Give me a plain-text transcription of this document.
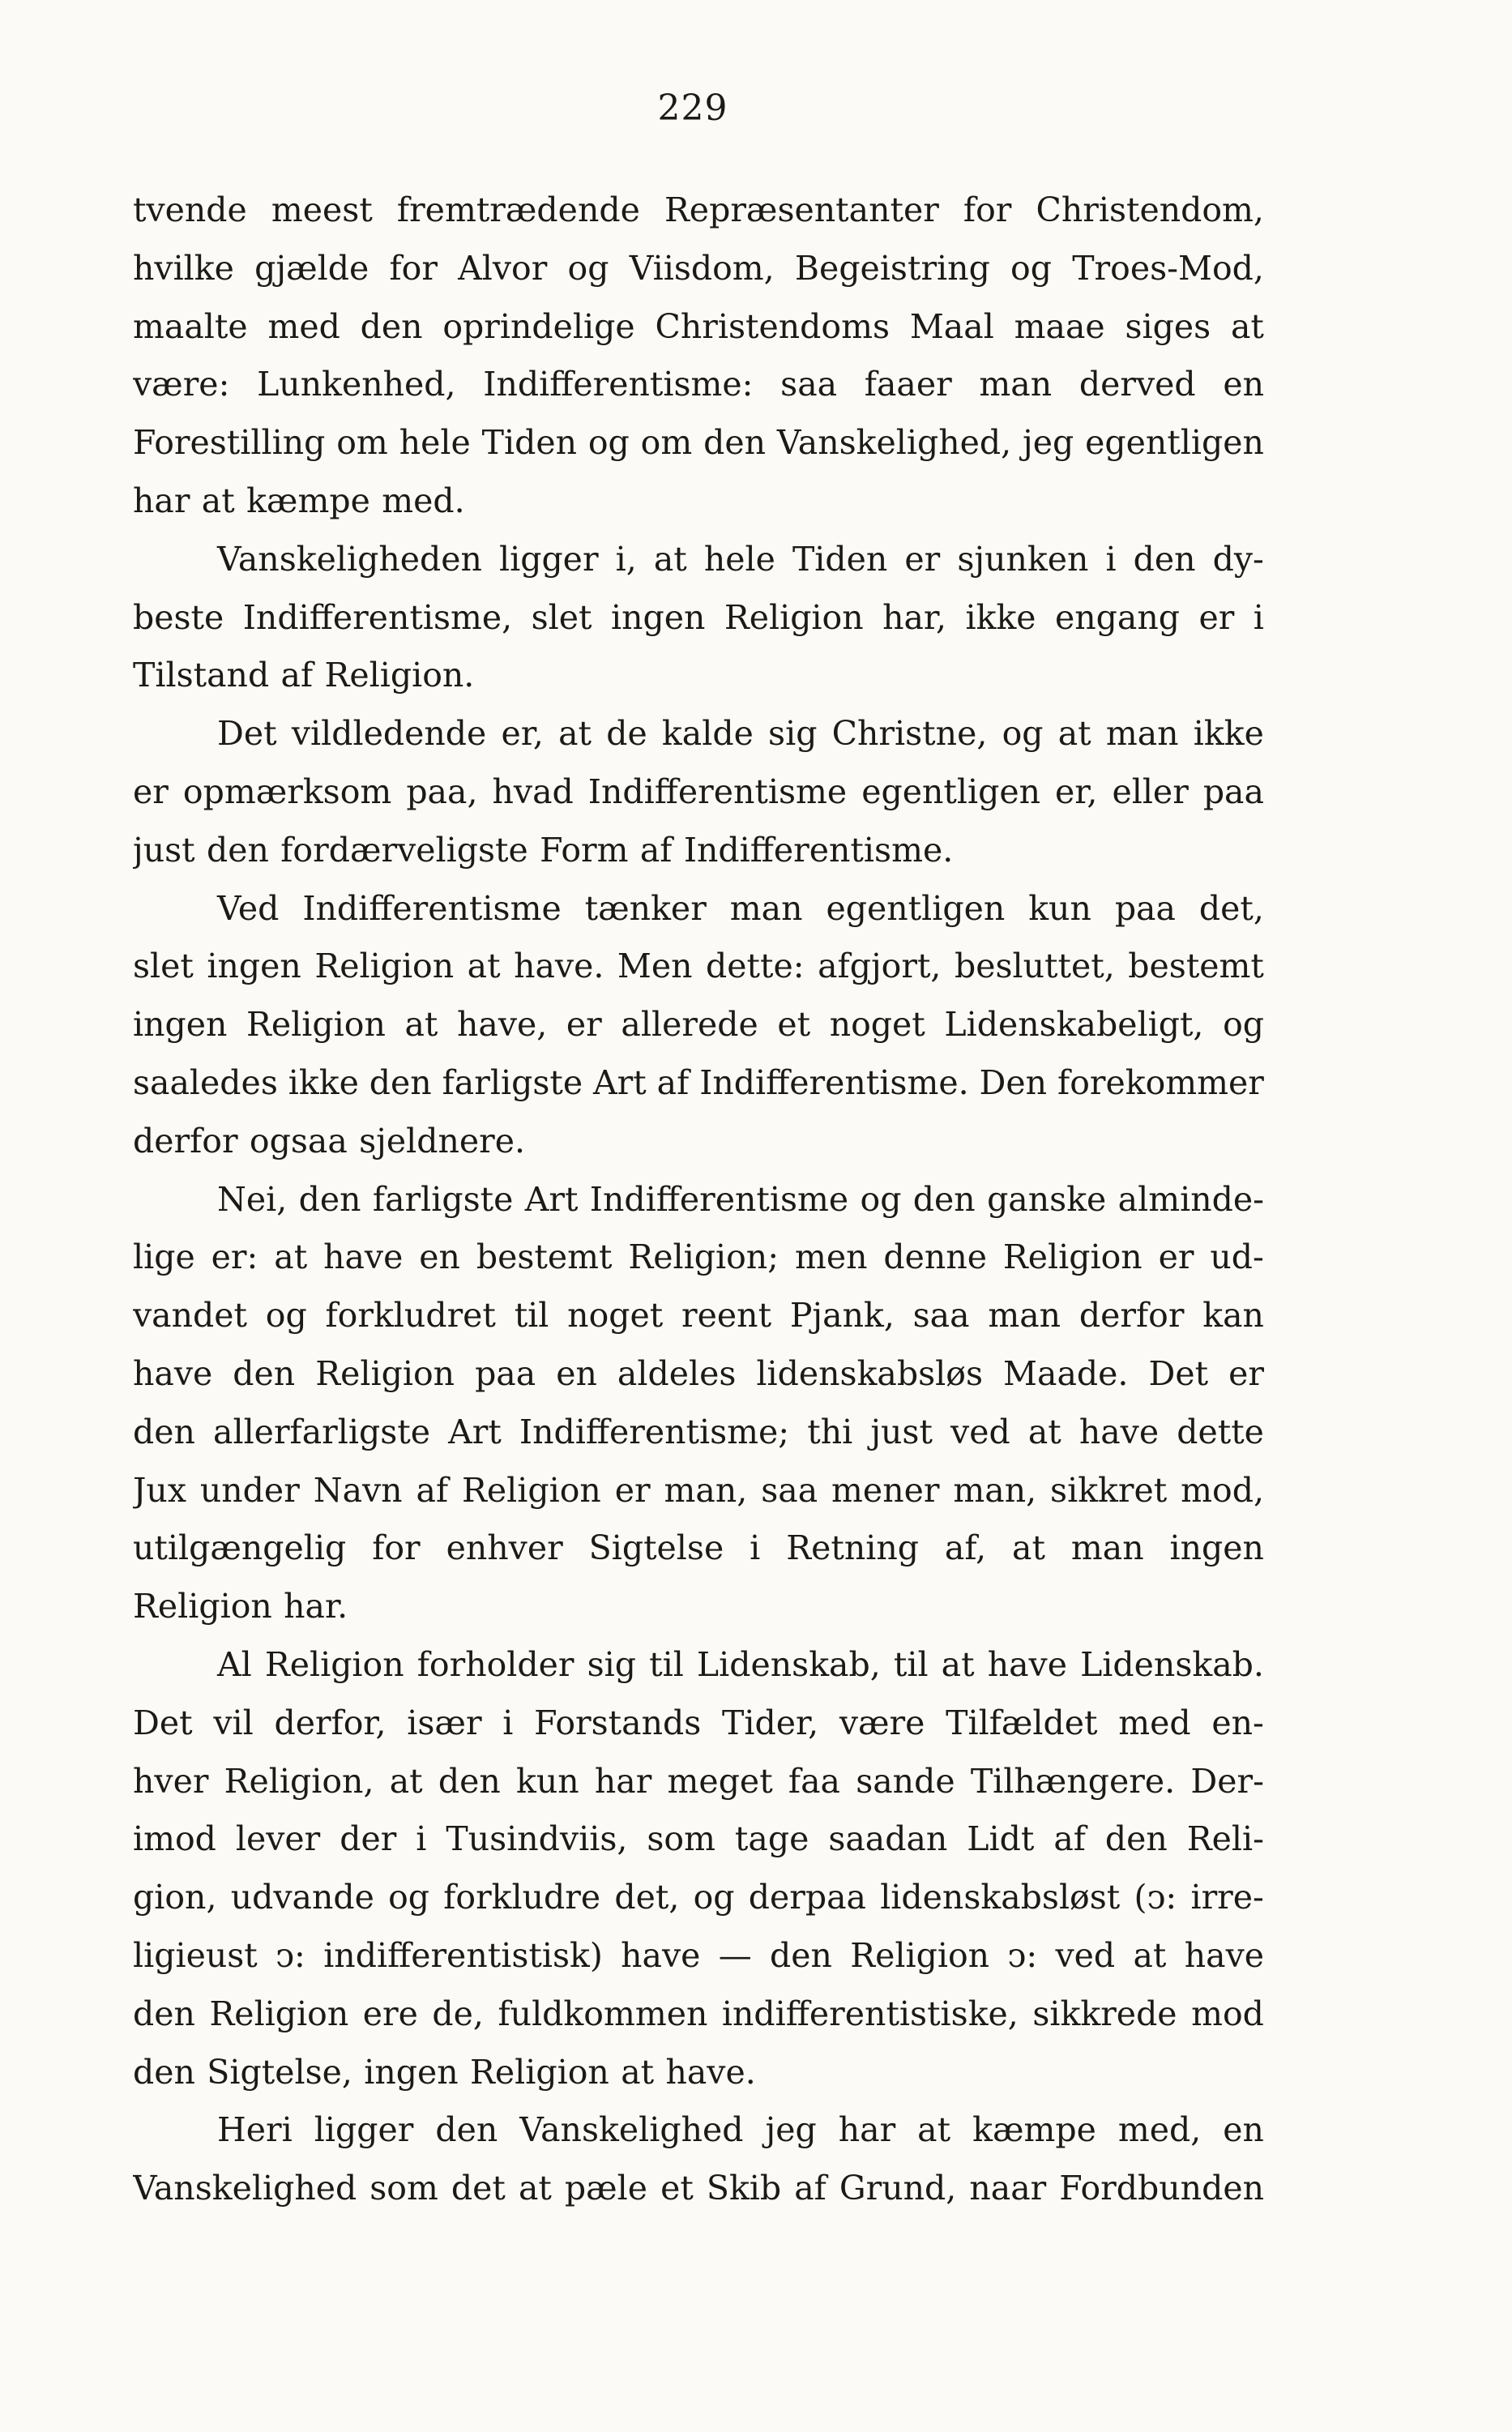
229
tvende meest fremtrædende Repræsentanter for Christendom,
hvilke gjælde for Alvor og Viisdom, Begeistring og Troes-Mod,
maalte med den oprindelige Christendoms Maal maae siges at
være: Lunkenhed, Indifferentisme: saa faaer man derved en
Forestilling om hele Tiden og om den Vanskelighed, jeg egentligen
har at kæmpe med.
Vanskeligheden ligger i, at hele Tiden er sjunken i den dy-
beste Indifferentisme, slet ingen Religion har, ikke engang er i
Tilstand af Religion.
Det vildledende er, at de kalde sig Christne, og at man ikke
er opmærksom paa, hvad Indifferentisme egentligen er, eller paa
just den fordærveligste Form af Indifferentisme.
Ved Indifferentisme tænker man egentligen kun paa det,
slet ingen Religion at have. Men dette: afgjort, besluttet, bestemt
ingen Religion at have, er allerede et noget Lidenskabeligt, og
saaledes ikke den farligste Art af Indifferentisme. Den forekommer
derfor ogsaa sjeldnere.
Nei, den farligste Art Indifferentisme og den ganske alminde-
lige er: at have en bestemt Religion; men denne Religion er ud-
vandet og forkludret til noget reent Pjank, saa man derfor kan
have den Religion paa en aldeles lidenskabsløs Maade. Det er
den allerfarligste Art Indifferentisme; thi just ved at have dette
Jux under Navn af Religion er man, saa mener man, sikkret mod,
utilgængelig for enhver Sigtelse i Retning af, at man ingen
Religion har.
Al Religion forholder sig til Lidenskab, til at have Lidenskab.
Det vil derfor, især i Forstands Tider, være Tilfældet med en-
hver Religion, at den kun har meget faa sande Tilhængere. Der-
imod lever der i Tusindviis, som tage saadan Lidt af den Reli-
gion, udvande og forkludre det, og derpaa lidenskabsløst (ↄ: irre-
ligieust ↄ: indifferentistisk) have — den Religion ↄ: ved at have
den Religion ere de, fuldkommen indifferentistiske, sikkrede mod
den Sigtelse, ingen Religion at have.
Heri ligger den Vanskelighed jeg har at kæmpe med, en
Vanskelighed som det at pæle et Skib af Grund, naar Fordbunden
